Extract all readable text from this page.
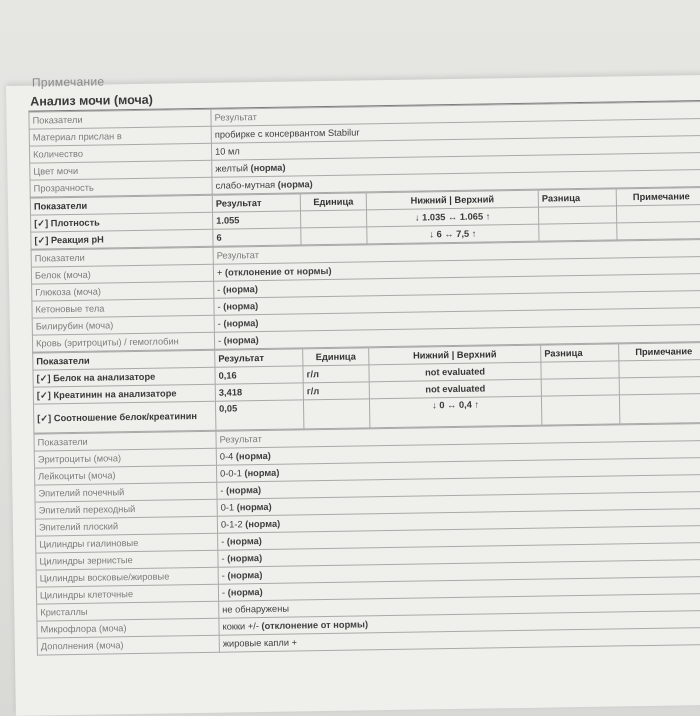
Примечание
Анализ мочи (моча)
Показатели	Результат
Материал прислан в	пробирке с консервантом Stabilur
Количество	10 мл
Цвет мочи	желтый (норма)
Прозрачность	слабо-мутная (норма)
Показатели	Результат	Единица	Нижний | Верхний	Разница	Примечание
[✓] Плотность	1.055		↓ 1.035 ↔ 1.065 ↑		
[✓] Реакция pH	6		↓ 6 ↔ 7,5 ↑		
Показатели	Результат
Белок (моча)	+ (отклонение от нормы)
Глюкоза (моча)	- (норма)
Кетоновые тела	- (норма)
Билирубин (моча)	- (норма)
Кровь (эритроциты) / гемоглобин	- (норма)
Показатели	Результат	Единица	Нижний | Верхний	Разница	Примечание
[✓] Белок на анализаторе	0,16	г/л	not evaluated		
[✓] Креатинин на анализаторе	3,418	г/л	not evaluated		
[✓] Соотношение белок/креатинин	0,05		↓ 0 ↔ 0,4 ↑		
Показатели	Результат
Эритроциты (моча)	0-4 (норма)
Лейкоциты (моча)	0-0-1 (норма)
Эпителий почечный	- (норма)
Эпителий переходный	0-1 (норма)
Эпителий плоский	0-1-2 (норма)
Цилиндры гиалиновые	- (норма)
Цилиндры зернистые	- (норма)
Цилиндры восковые/жировые	- (норма)
Цилиндры клеточные	- (норма)
Кристаллы	не обнаружены
Микрофлора (моча)	кокки +/- (отклонение от нормы)
Дополнения (моча)	жировые капли +
